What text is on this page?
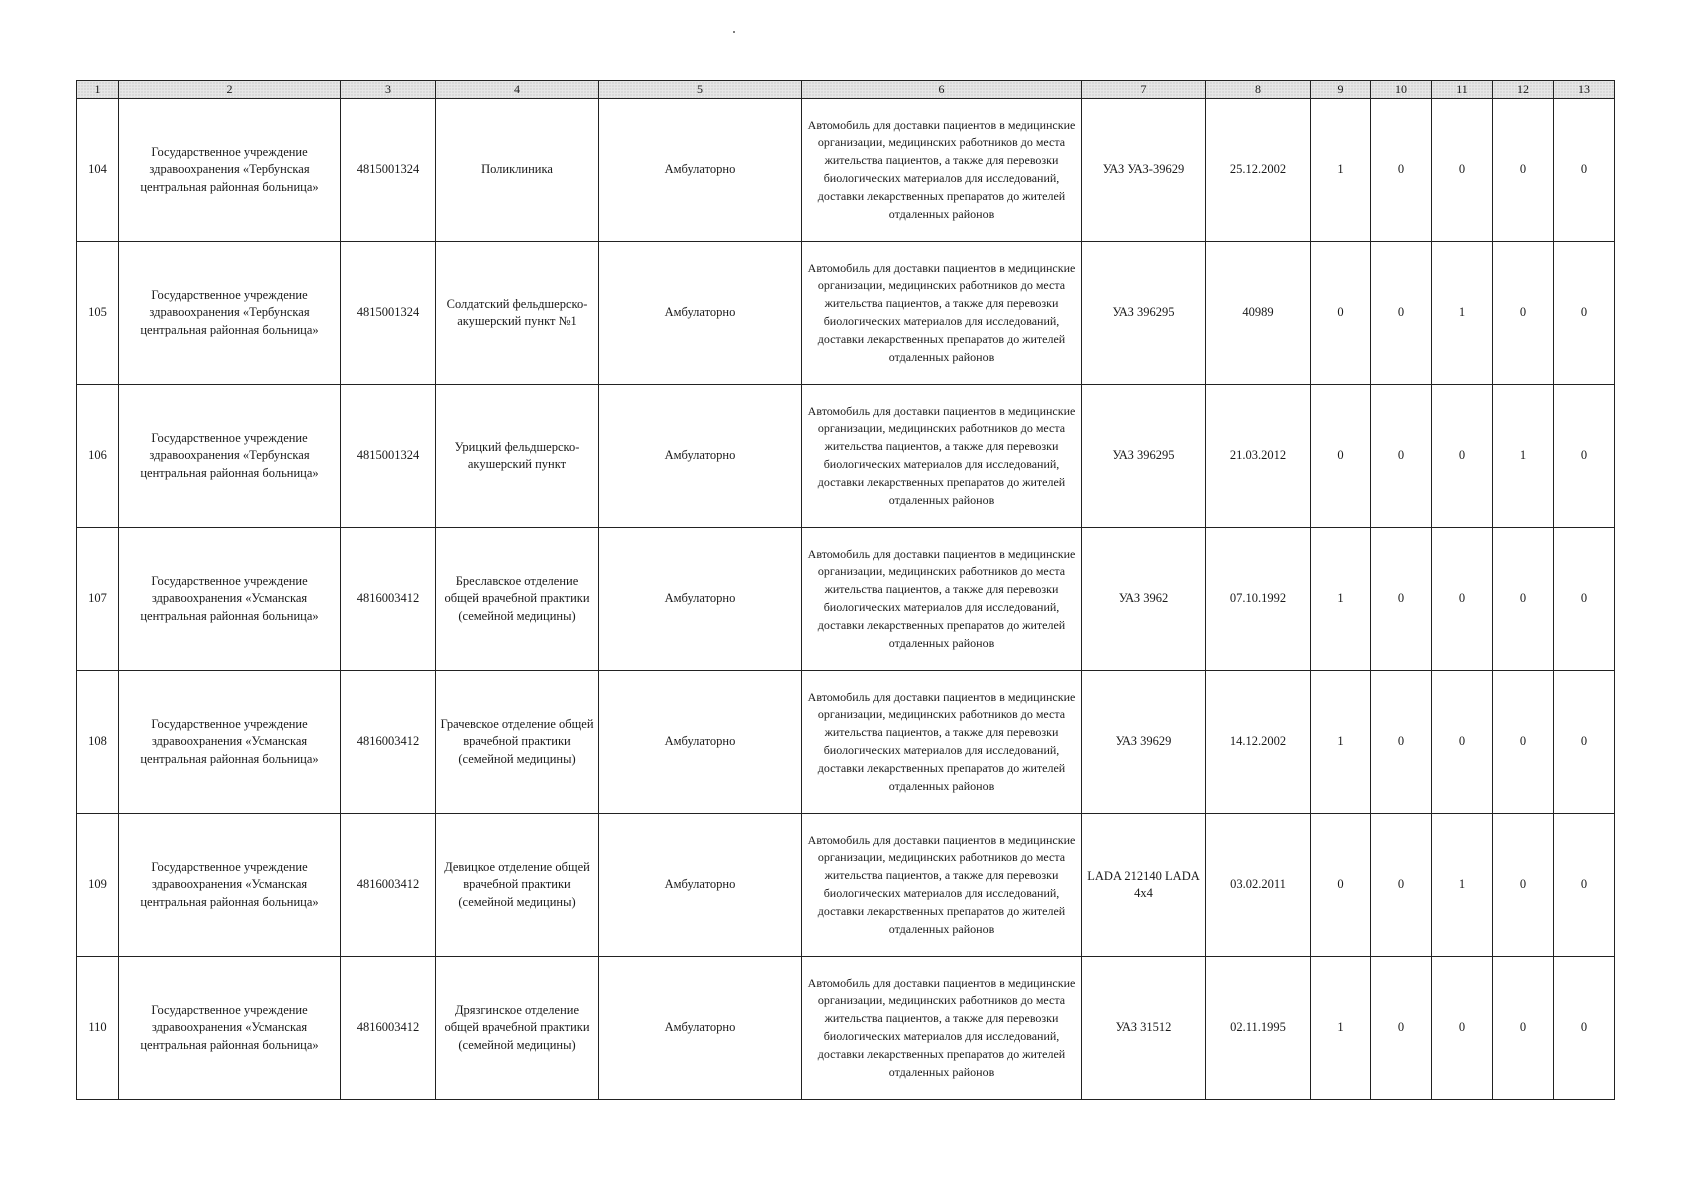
1	2	3	4	5	6	7	8	9	10	11	12	13
104	Государственное учреждение здравоохранения «Тербунская центральная районная больница»	4815001324	Поликлиника	Амбулаторно	Автомобиль для доставки пациентов в медицинские организации, медицинских работников до места жительства пациентов, а также для перевозки биологических материалов для исследований, доставки лекарственных препаратов до жителей отдаленных районов	УАЗ УАЗ-39629	25.12.2002	1	0	0	0	0
105	Государственное учреждение здравоохранения «Тербунская центральная районная больница»	4815001324	Солдатский фельдшерско-акушерский пункт №1	Амбулаторно	Автомобиль для доставки пациентов в медицинские организации, медицинских работников до места жительства пациентов, а также для перевозки биологических материалов для исследований, доставки лекарственных препаратов до жителей отдаленных районов	УАЗ 396295	40989	0	0	1	0	0
106	Государственное учреждение здравоохранения «Тербунская центральная районная больница»	4815001324	Урицкий фельдшерско-акушерский пункт	Амбулаторно	Автомобиль для доставки пациентов в медицинские организации, медицинских работников до места жительства пациентов, а также для перевозки биологических материалов для исследований, доставки лекарственных препаратов до жителей отдаленных районов	УАЗ 396295	21.03.2012	0	0	0	1	0
107	Государственное учреждение здравоохранения «Усманская центральная районная больница»	4816003412	Бреславское отделение общей врачебной практики (семейной медицины)	Амбулаторно	Автомобиль для доставки пациентов в медицинские организации, медицинских работников до места жительства пациентов, а также для перевозки биологических материалов для исследований, доставки лекарственных препаратов до жителей отдаленных районов	УАЗ 3962	07.10.1992	1	0	0	0	0
108	Государственное учреждение здравоохранения «Усманская центральная районная больница»	4816003412	Грачевское отделение общей врачебной практики (семейной медицины)	Амбулаторно	Автомобиль для доставки пациентов в медицинские организации, медицинских работников до места жительства пациентов, а также для перевозки биологических материалов для исследований, доставки лекарственных препаратов до жителей отдаленных районов	УАЗ 39629	14.12.2002	1	0	0	0	0
109	Государственное учреждение здравоохранения «Усманская центральная районная больница»	4816003412	Девицкое отделение общей врачебной практики (семейной медицины)	Амбулаторно	Автомобиль для доставки пациентов в медицинские организации, медицинских работников до места жительства пациентов, а также для перевозки биологических материалов для исследований, доставки лекарственных препаратов до жителей отдаленных районов	LADA 212140 LADA 4x4	03.02.2011	0	0	1	0	0
110	Государственное учреждение здравоохранения «Усманская центральная районная больница»	4816003412	Дрязгинское отделение общей врачебной практики (семейной медицины)	Амбулаторно	Автомобиль для доставки пациентов в медицинские организации, медицинских работников до места жительства пациентов, а также для перевозки биологических материалов для исследований, доставки лекарственных препаратов до жителей отдаленных районов	УАЗ 31512	02.11.1995	1	0	0	0	0
